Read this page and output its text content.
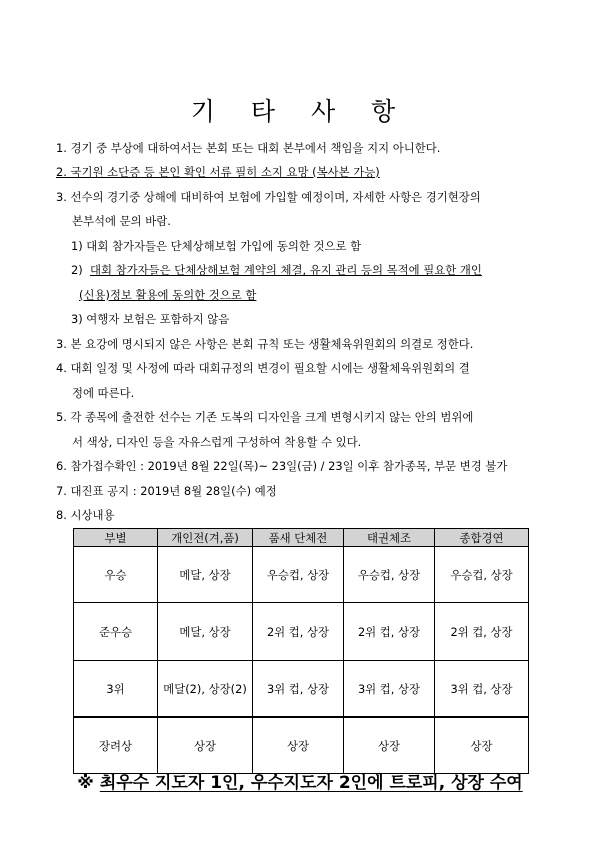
기 타 사 항
1. 경기 중 부상에 대하여서는 본회 또는 대회 본부에서 책임을 지지 아니한다.
2. 국기원 소단증 등 본인 확인 서류 필히 소지 요망 (복사본 가능)
3. 선수의 경기중 상해에 대비하여 보험에 가입할 예정이며, 자세한 사항은 경기현장의
본부석에 문의 바람.
1) 대회 참가자들은 단체상해보험 가입에 동의한 것으로 함
2) 대회 참가자들은 단체상해보험 계약의 체결, 유지 관리 등의 목적에 필요한 개인
(신용)정보 활용에 동의한 것으로 함
3) 여행자 보험은 포함하지 않음
3. 본 요강에 명시되지 않은 사항은 본회 규칙 또는 생활체육위원회의 의결로 정한다.
4. 대회 일정 및 사정에 따라 대회규정의 변경이 필요할 시에는 생활체육위원회의 결
정에 따른다.
5. 각 종목에 출전한 선수는 기존 도복의 디자인을 크게 변형시키지 않는 안의 범위에
서 색상, 디자인 등을 자유스럽게 구성하여 착용할 수 있다.
6. 참가접수확인 : 2019년 8월 22일(목)~ 23일(금) / 23일 이후 참가종목, 부문 변경 불가
7. 대진표 공지 : 2019년 8월 28일(수) 예정
8. 시상내용
부별	개인전(겨,품)	품새 단체전	태권체조	종합경연
우승	메달, 상장	우승컵, 상장	우승컵, 상장	우승컵, 상장
준우승	메달, 상장	2위 컵, 상장	2위 컵, 상장	2위 컵, 상장
3위	메달(2), 상장(2)	3위 컵, 상장	3위 컵, 상장	3위 컵, 상장
장려상	상장	상장	상장	상장
※ 최우수 지도자 1인, 우수지도자 2인에 트로피, 상장 수여
